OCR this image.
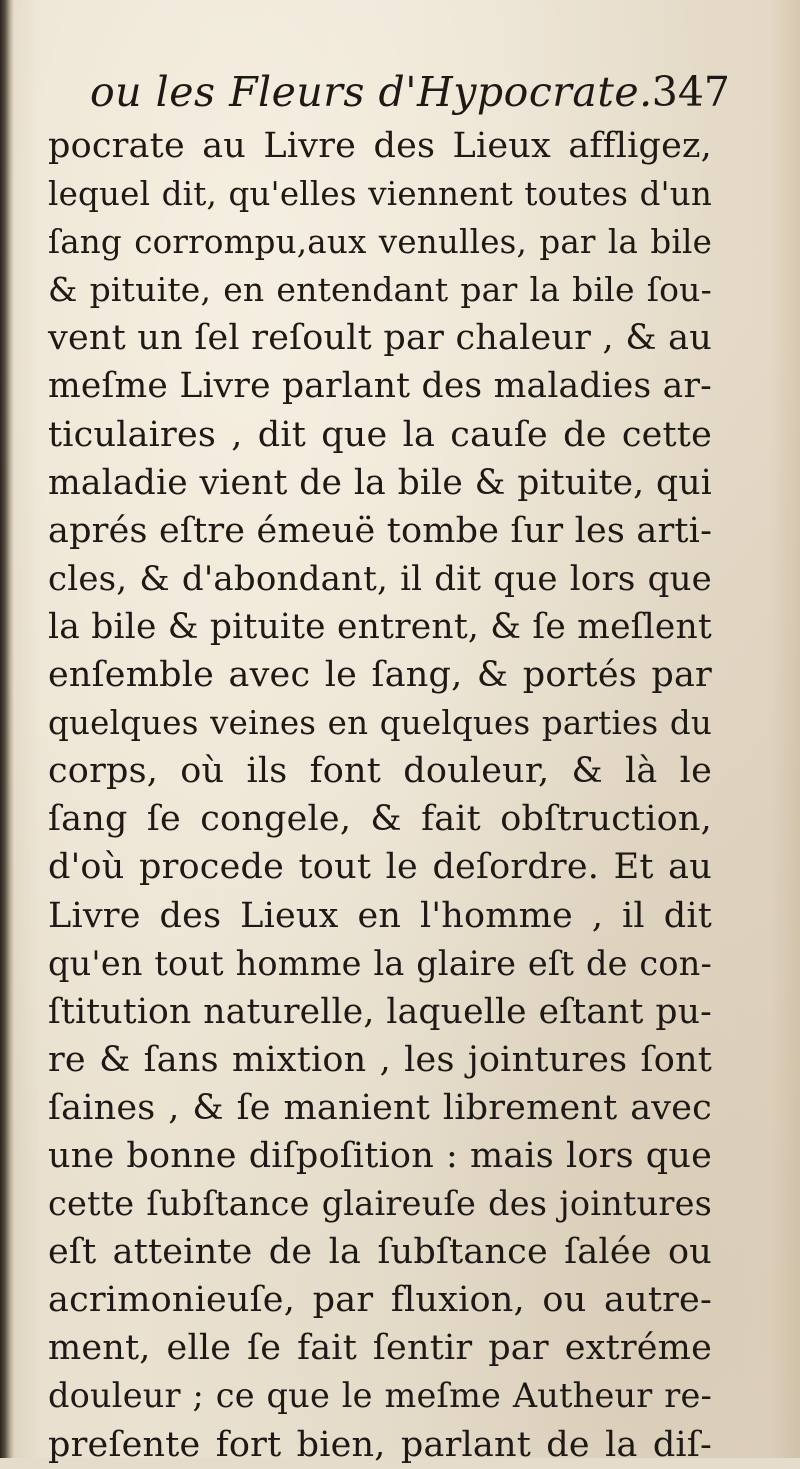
ou les Fleurs d'Hypocrate. 347
pocrate au Livre des Lieux affligez,
lequel dit, qu'elles viennent toutes d'un
ſang corrompu,aux venulles, par la bile
& pituite, en entendant par la bile ſou-
vent un ſel reſoult par chaleur , & au
meſme Livre parlant des maladies ar-
ticulaires , dit que la cauſe de cette
maladie vient de la bile & pituite, qui
aprés eſtre émeuë tombe ſur les arti-
cles, & d'abondant, il dit que lors que
la bile & pituite entrent, & ſe meſlent
enſemble avec le ſang, & portés par
quelques veines en quelques parties du
corps, où ils font douleur, & là le
ſang ſe congele, & fait obſtruction,
d'où procede tout le deſordre. Et au
Livre des Lieux en l'homme , il dit
qu'en tout homme la glaire eſt de con-
ſtitution naturelle, laquelle eſtant pu-
re & ſans mixtion , les jointures ſont
ſaines , & ſe manient librement avec
une bonne diſpoſition : mais lors que
cette ſubſtance glaireuſe des jointures
eſt atteinte de la ſubſtance ſalée ou
acrimonieuſe, par fluxion, ou autre-
ment, elle ſe fait ſentir par extréme
douleur ; ce que le meſme Autheur re-
preſente fort bien, parlant de la diſ-
